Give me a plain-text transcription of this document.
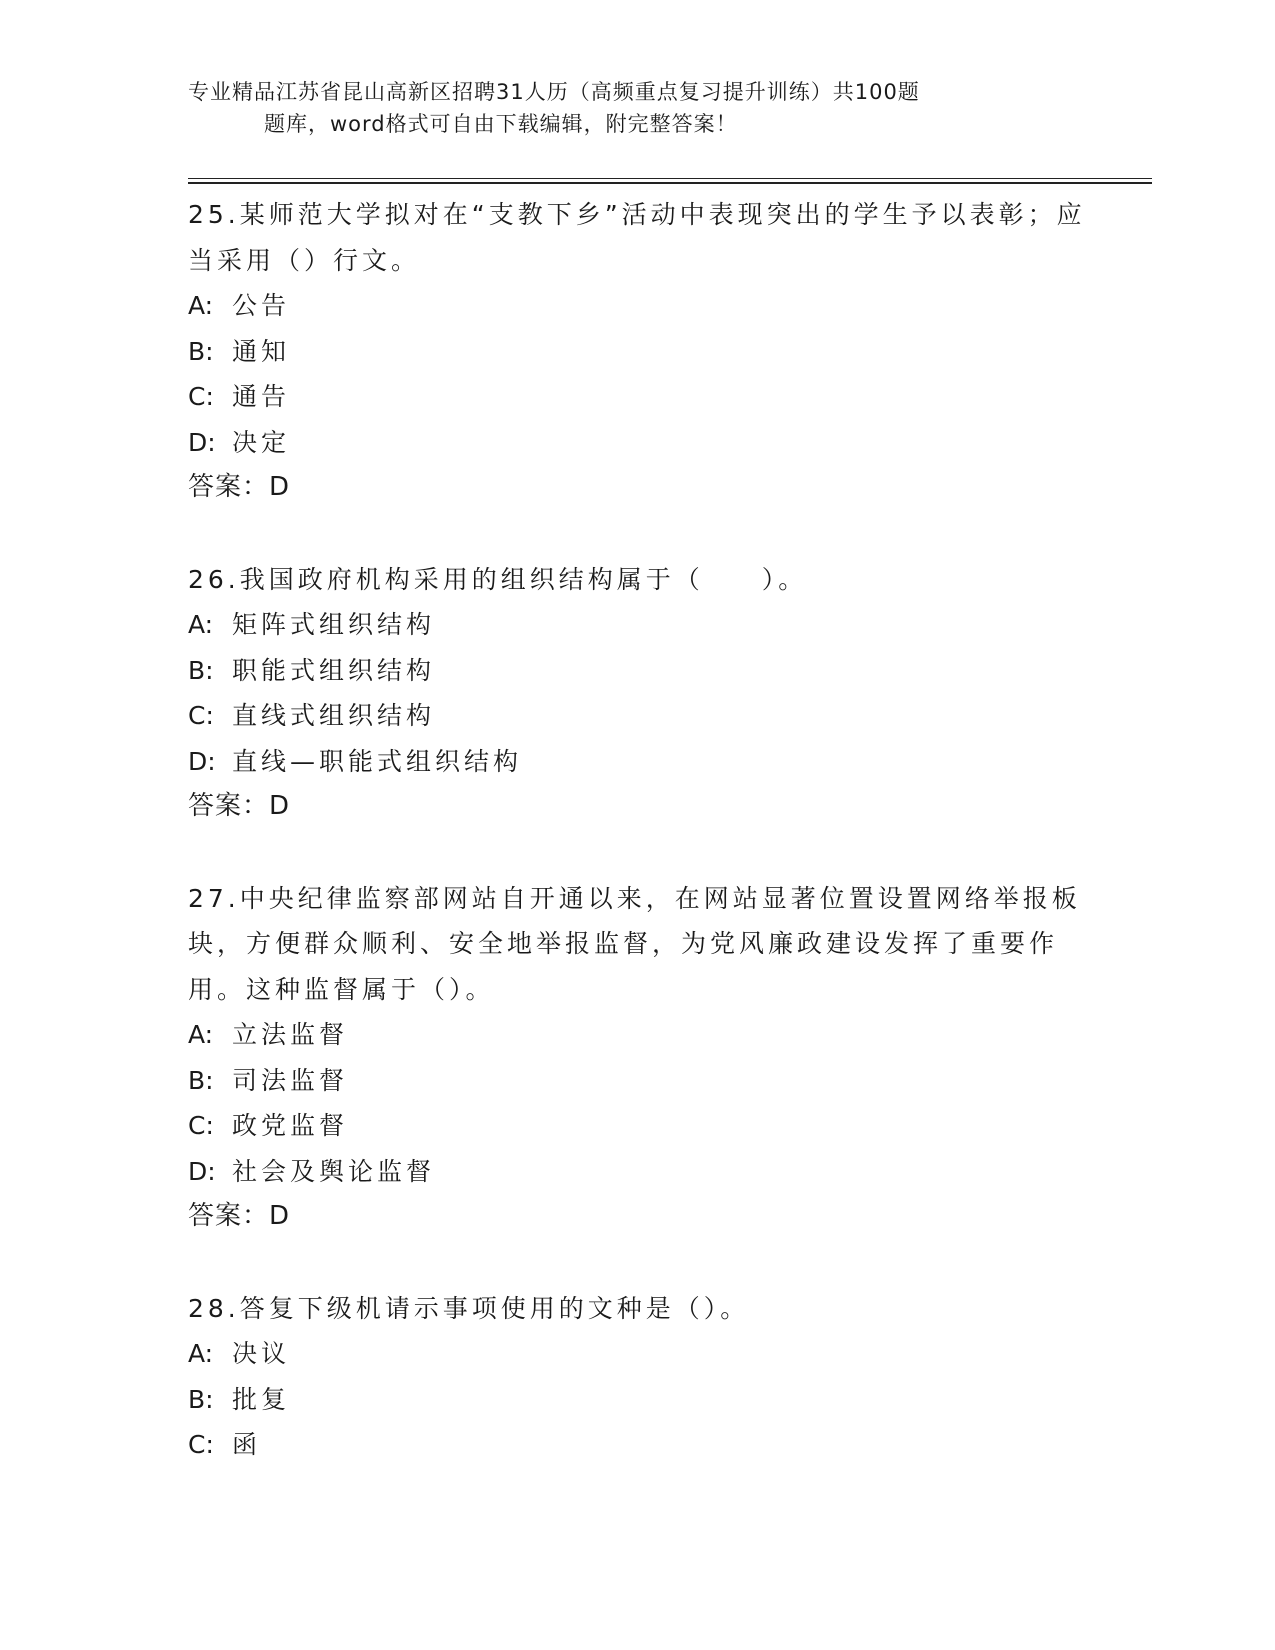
专业精品江苏省昆山高新区招聘31人历（高频重点复习提升训练）共100题
题库，word格式可自由下载编辑，附完整答案！

25.某师范大学拟对在“支教下乡”活动中表现突出的学生予以表彰；应当采用（）行文。

A: 公告
B: 通知
C: 通告
D: 决定
答案：D

26.我国政府机构采用的组织结构属于（　　）。

A: 矩阵式组织结构
B: 职能式组织结构
C: 直线式组织结构
D: 直线—职能式组织结构
答案：D

27.中央纪律监察部网站自开通以来，在网站显著位置设置网络举报板块，方便群众顺利、安全地举报监督，为党风廉政建设发挥了重要作用。这种监督属于（）。

A: 立法监督
B: 司法监督
C: 政党监督
D: 社会及舆论监督
答案：D

28.答复下级机请示事项使用的文种是（）。

A: 决议
B: 批复
C: 函
